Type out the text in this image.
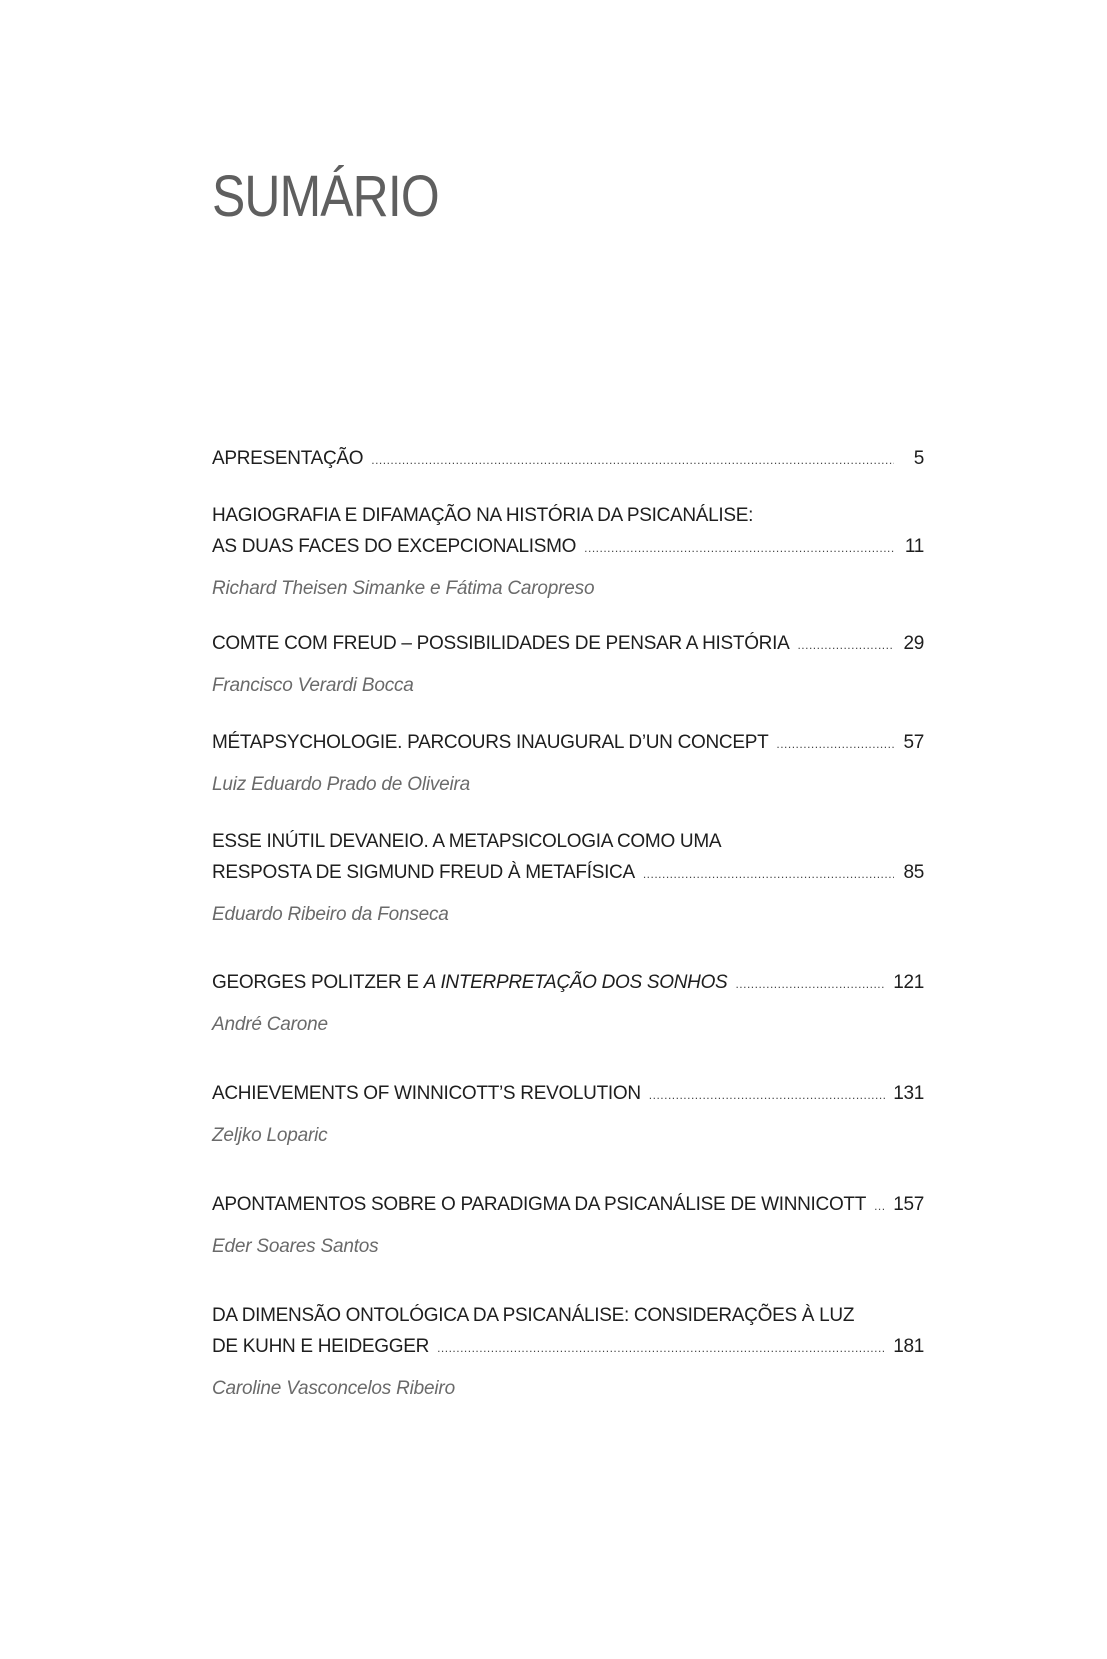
SUMÁRIO
APRESENTAÇÃO .....	5
HAGIOGRAFIA E DIFAMAÇÃO NA HISTÓRIA DA PSICANÁLISE:
AS DUAS FACES DO EXCEPCIONALISMO .....	11
Richard Theisen Simanke e Fátima Caropreso
COMTE COM FREUD – POSSIBILIDADES DE PENSAR A HISTÓRIA .....	29
Francisco Verardi Bocca
MÉTAPSYCHOLOGIE. PARCOURS INAUGURAL D’UN CONCEPT .....	57
Luiz Eduardo Prado de Oliveira
ESSE INÚTIL DEVANEIO. A METAPSICOLOGIA COMO UMA
RESPOSTA DE SIGMUND FREUD À METAFÍSICA .....	85
Eduardo Ribeiro da Fonseca
GEORGES POLITZER E A INTERPRETAÇÃO DOS SONHOS .....	121
André Carone
ACHIEVEMENTS OF WINNICOTT’S REVOLUTION .....	131
Zeljko Loparic
APONTAMENTOS SOBRE O PARADIGMA DA PSICANÁLISE DE WINNICOTT ..... 157
Eder Soares Santos
DA DIMENSÃO ONTOLÓGICA DA PSICANÁLISE: CONSIDERAÇÕES À LUZ
DE KUHN E HEIDEGGER .....	181
Caroline Vasconcelos Ribeiro
